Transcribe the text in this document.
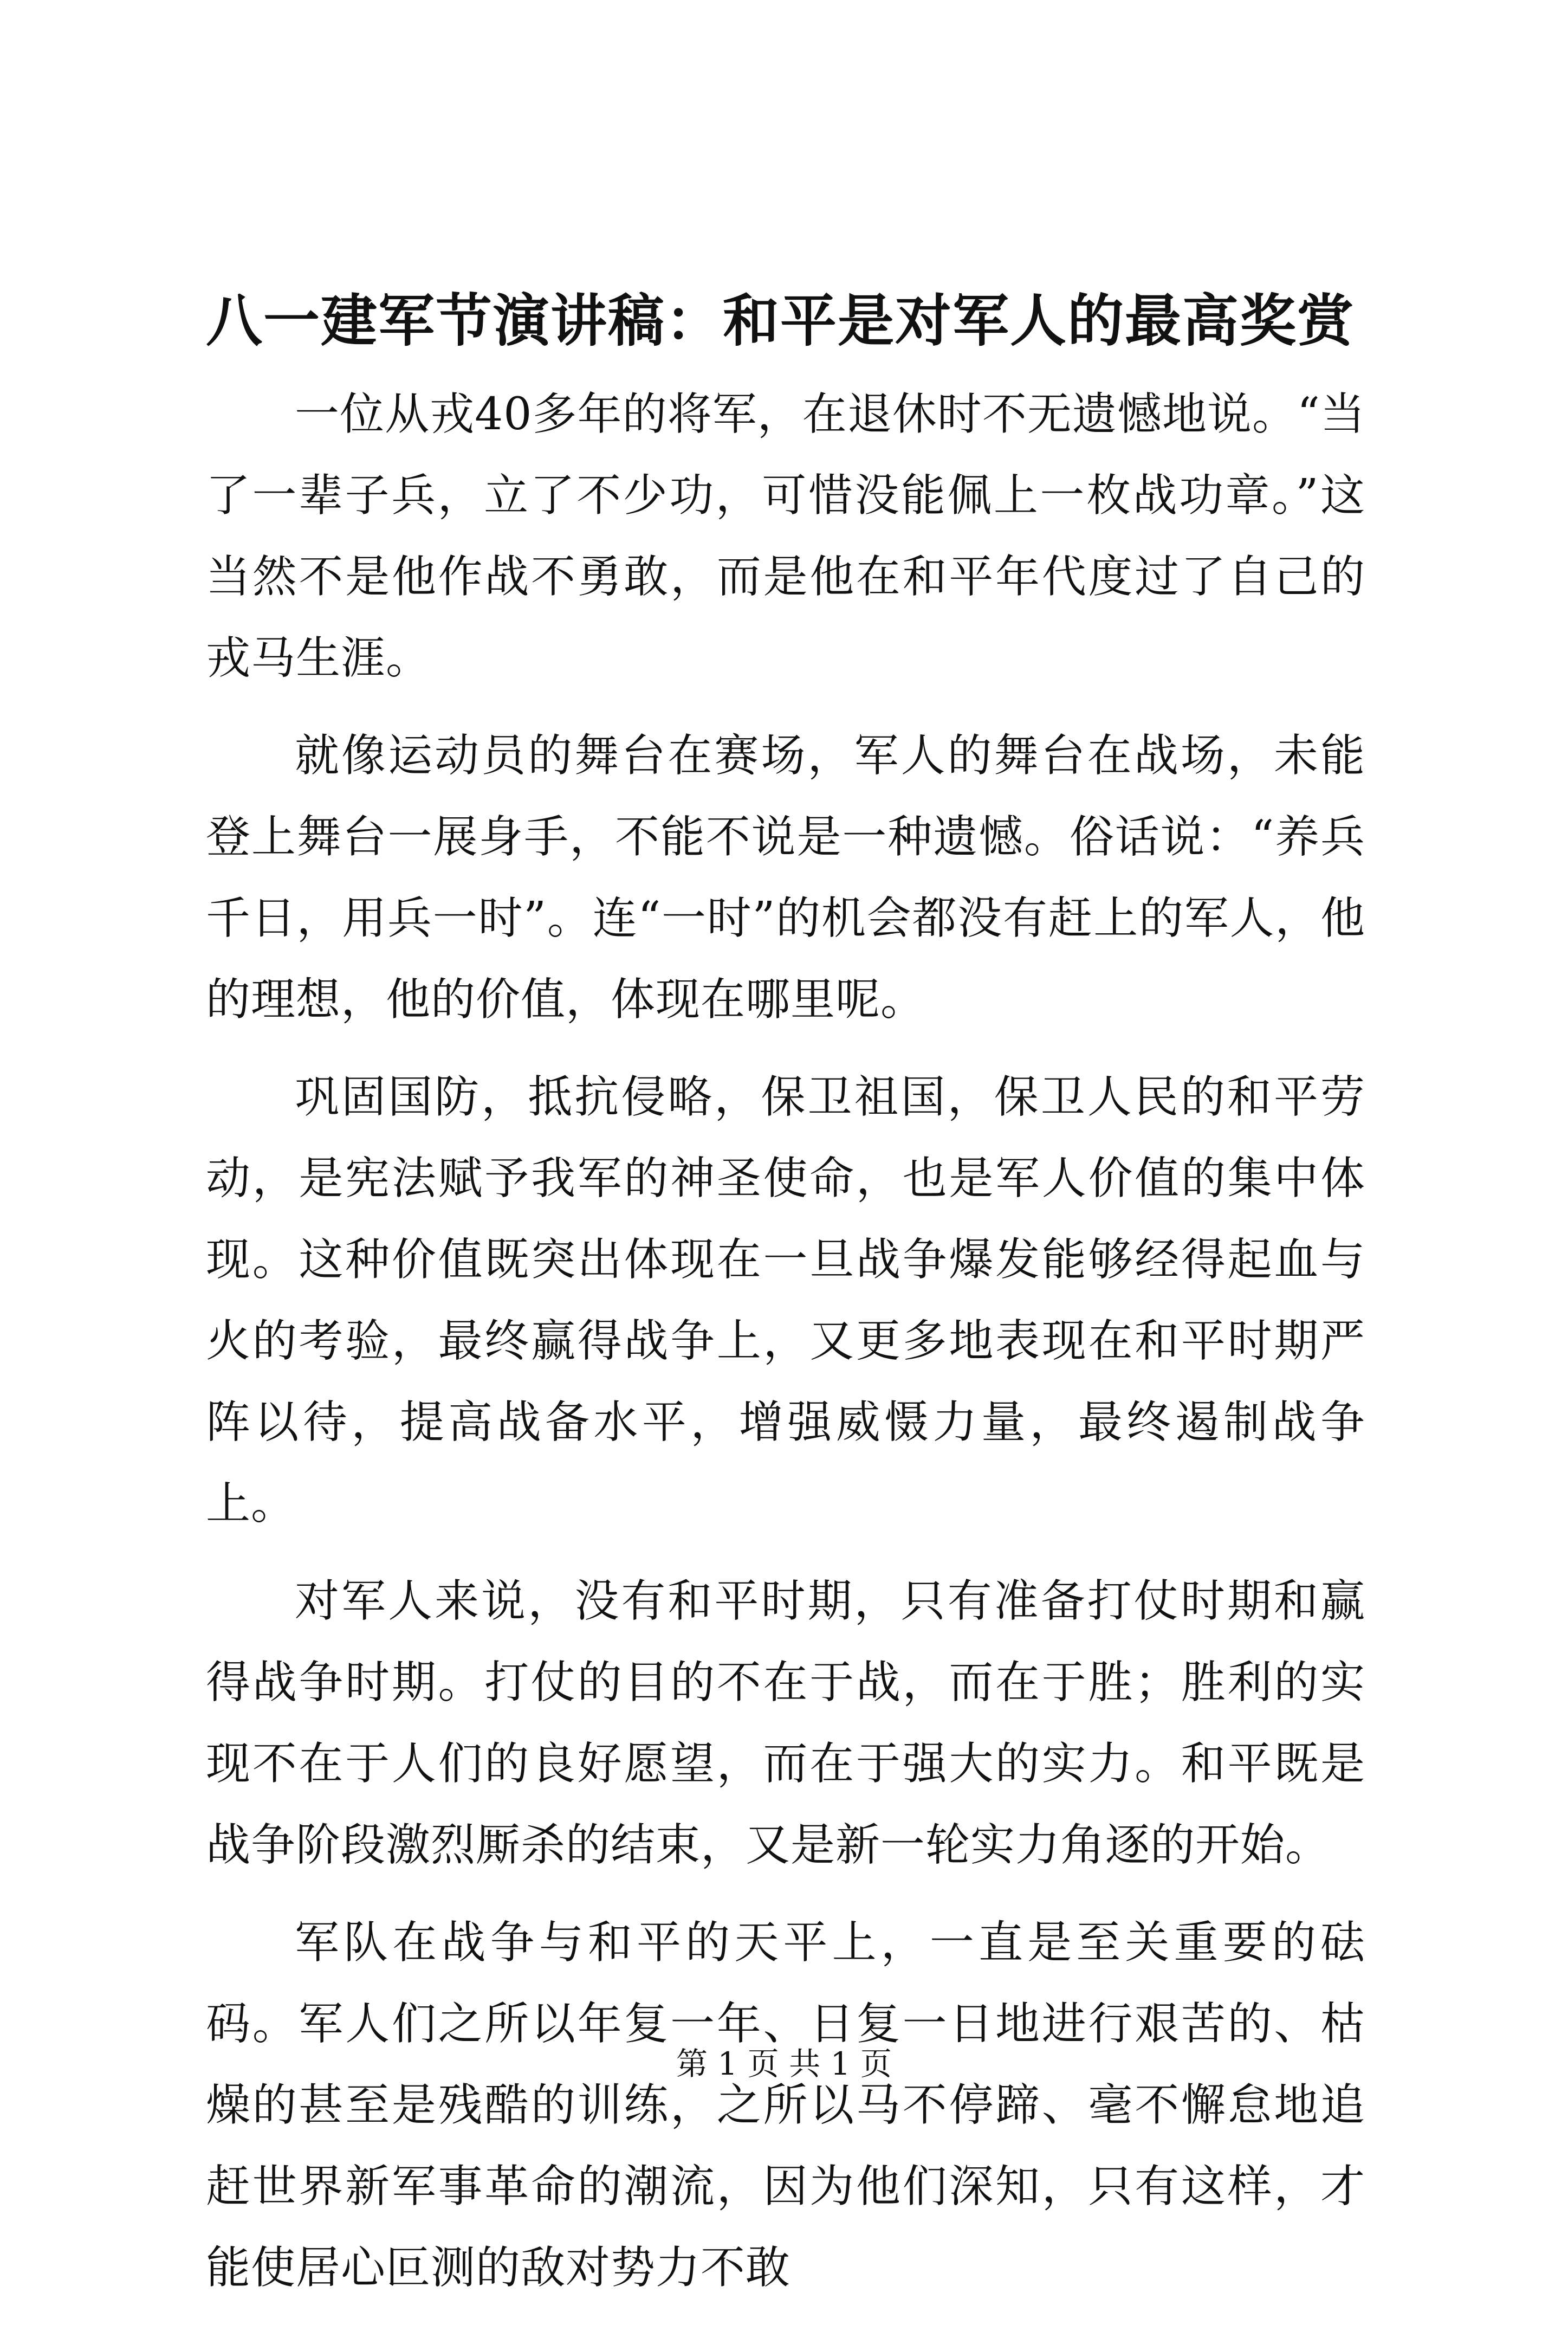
八一建军节演讲稿：和平是对军人的最高奖赏

一位从戎40多年的将军，在退休时不无遗憾地说。“当了一辈子兵，立了不少功，可惜没能佩上一枚战功章。”这当然不是他作战不勇敢，而是他在和平年代度过了自己的戎马生涯。

就像运动员的舞台在赛场，军人的舞台在战场，未能登上舞台一展身手，不能不说是一种遗憾。俗话说：“养兵千日，用兵一时”。连“一时”的机会都没有赶上的军人，他的理想，他的价值，体现在哪里呢。

巩固国防，抵抗侵略，保卫祖国，保卫人民的和平劳动，是宪法赋予我军的神圣使命，也是军人价值的集中体现。这种价值既突出体现在一旦战争爆发能够经得起血与火的考验，最终赢得战争上，又更多地表现在和平时期严阵以待，提高战备水平，增强威慑力量，最终遏制战争上。

对军人来说，没有和平时期，只有准备打仗时期和赢得战争时期。打仗的目的不在于战，而在于胜；胜利的实现不在于人们的良好愿望，而在于强大的实力。和平既是战争阶段激烈厮杀的结束，又是新一轮实力角逐的开始。

军队在战争与和平的天平上，一直是至关重要的砝码。军人们之所以年复一年、日复一日地进行艰苦的、枯燥的甚至是残酷的训练，之所以马不停蹄、毫不懈怠地追赶世界新军事革命的潮流，因为他们深知，只有这样，才能使居心叵测的敌对势力不敢

第 1 页 共 1 页
